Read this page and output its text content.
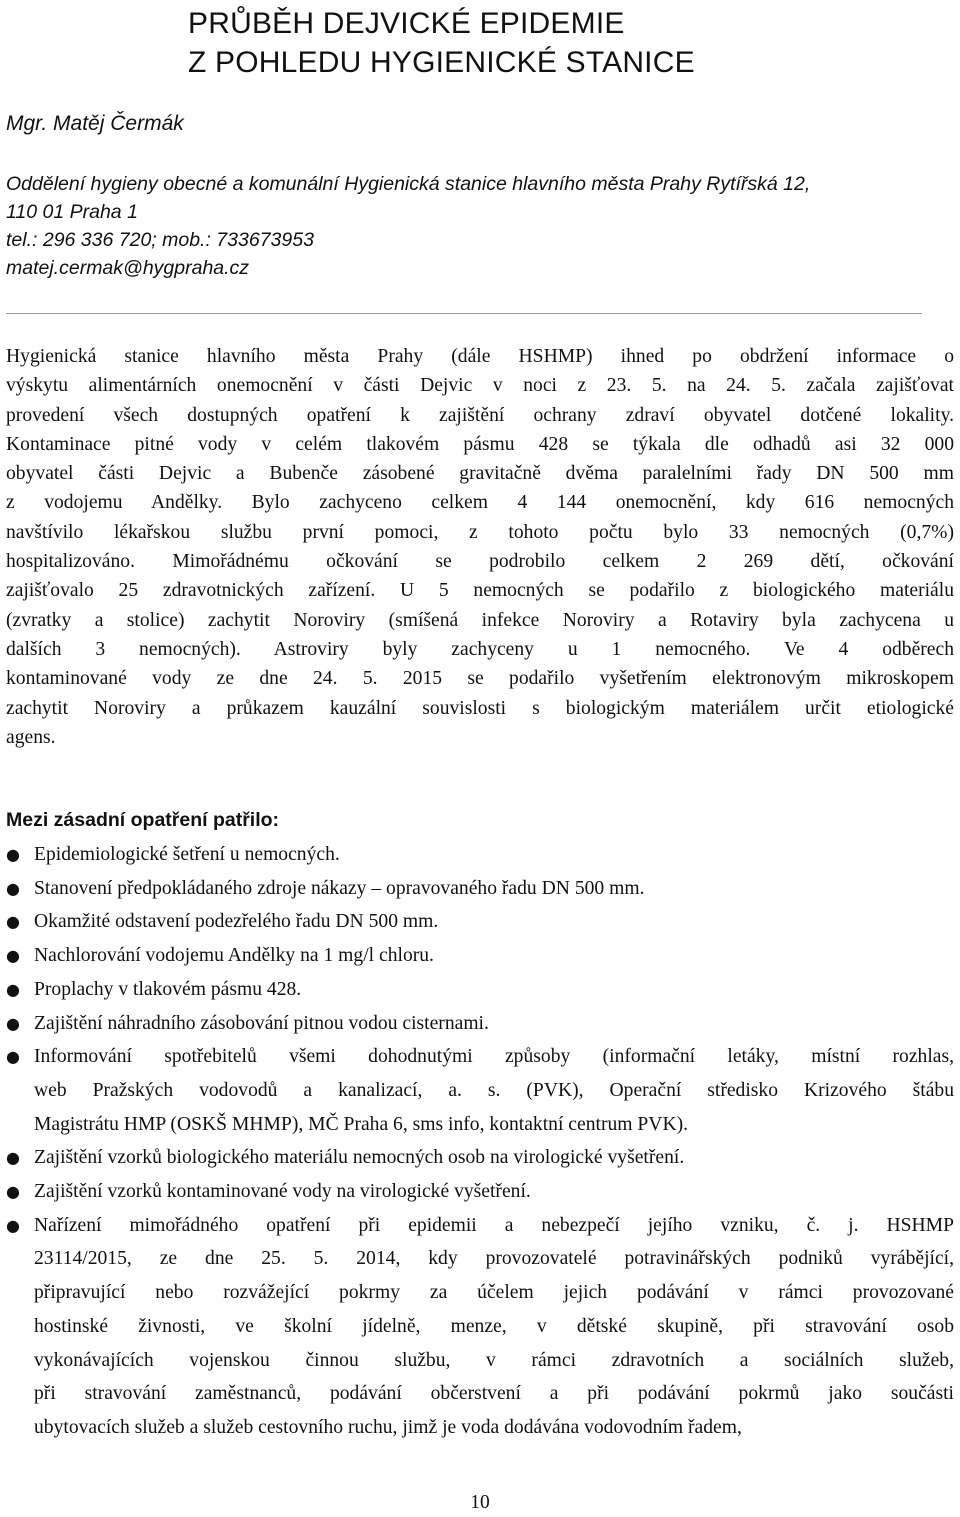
PRŮBĚH DEJVICKÉ EPIDEMIE
Z POHLEDU HYGIENICKÉ STANICE
Mgr. Matěj Čermák
Oddělení hygieny obecné a komunální Hygienická stanice hlavního města Prahy Rytířská 12,
110 01 Praha 1
tel.: 296 336 720; mob.: 733673953
matej.cermak@hygpraha.cz

Hygienická stanice hlavního města Prahy (dále HSHMP) ihned po obdržení informace o
výskytu alimentárních onemocnění v části Dejvic v noci z 23. 5. na 24. 5. začala zajišťovat
provedení všech dostupných opatření k zajištění ochrany zdraví obyvatel dotčené lokality.
Kontaminace pitné vody v celém tlakovém pásmu 428 se týkala dle odhadů asi 32 000
obyvatel části Dejvic a Bubenče zásobené gravitačně dvěma paralelními řady DN 500 mm
z vodojemu Andělky. Bylo zachyceno celkem 4 144 onemocnění, kdy 616 nemocných
navštívilo lékařskou službu první pomoci, z tohoto počtu bylo 33 nemocných (0,7%)
hospitalizováno. Mimořádnému očkování se podrobilo celkem 2 269 dětí, očkování
zajišťovalo 25 zdravotnických zařízení. U 5 nemocných se podařilo z biologického materiálu
(zvratky a stolice) zachytit Noroviry (smíšená infekce Noroviry a Rotaviry byla zachycena u
dalších 3 nemocných). Astroviry byly zachyceny u 1 nemocného. Ve 4 odběrech
kontaminované vody ze dne 24. 5. 2015 se podařilo vyšetřením elektronovým mikroskopem
zachytit Noroviry a průkazem kauzální souvislosti s biologickým materiálem určit etiologické
agens.

Mezi zásadní opatření patřilo:
● Epidemiologické šetření u nemocných.
● Stanovení předpokládaného zdroje nákazy – opravovaného řadu DN 500 mm.
● Okamžité odstavení podezřelého řadu DN 500 mm.
● Nachlorování vodojemu Andělky na 1 mg/l chloru.
● Proplachy v tlakovém pásmu 428.
● Zajištění náhradního zásobování pitnou vodou cisternami.
● Informování spotřebitelů všemi dohodnutými způsoby (informační letáky, místní rozhlas,
web Pražských vodovodů a kanalizací, a. s. (PVK), Operační středisko Krizového štábu
Magistrátu HMP (OSKŠ MHMP), MČ Praha 6, sms info, kontaktní centrum PVK).
● Zajištění vzorků biologického materiálu nemocných osob na virologické vyšetření.
● Zajištění vzorků kontaminované vody na virologické vyšetření.
● Nařízení mimořádného opatření při epidemii a nebezpečí jejího vzniku, č. j. HSHMP
23114/2015, ze dne 25. 5. 2014, kdy provozovatelé potravinářských podniků vyrábějící,
připravující nebo rozvážející pokrmy za účelem jejich podávání v rámci provozované
hostinské živnosti, ve školní jídelně, menze, v dětské skupině, při stravování osob
vykonávajících vojenskou činnou službu, v rámci zdravotních a sociálních služeb,
při stravování zaměstnanců, podávání občerstvení a při podávání pokrmů jako součásti
ubytovacích služeb a služeb cestovního ruchu, jimž je voda dodávána vodovodním řadem,
10
